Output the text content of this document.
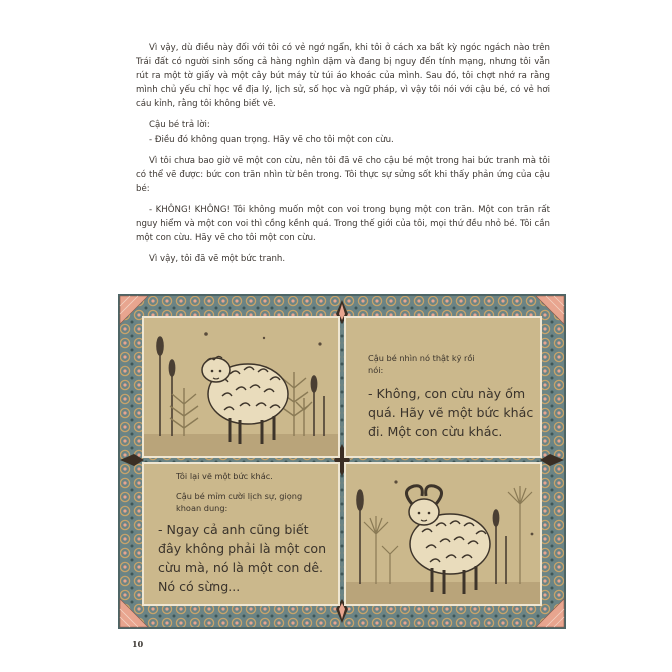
Vì vậy, dù điều này đối với tôi có vẻ ngớ ngẩn, khi tôi ở cách xa bất kỳ ngóc ngách nào trên Trái đất có người sinh sống cả hàng nghìn dặm và đang bị nguy đến tính mạng, nhưng tôi vẫn rút ra một tờ giấy và một cây bút máy từ túi áo khoác của mình. Sau đó, tôi chợt nhớ ra rằng mình chủ yếu chỉ học về địa lý, lịch sử, số học và ngữ pháp, vì vậy tôi nói với cậu bé, có vẻ hơi cáu kỉnh, rằng tôi không biết vẽ.

Cậu bé trả lời:

- Điều đó không quan trọng. Hãy vẽ cho tôi một con cừu.

Vì tôi chưa bao giờ vẽ một con cừu, nên tôi đã vẽ cho cậu bé một trong hai bức tranh mà tôi có thể vẽ được: bức con trăn nhìn từ bên trong. Tôi thực sự sửng sốt khi thấy phản ứng của cậu bé:

- KHÔNG! KHÔNG! Tôi không muốn một con voi trong bụng một con trăn. Một con trăn rất nguy hiểm và một con voi thì cồng kềnh quá. Trong thế giới của tôi, mọi thứ đều nhỏ bé. Tôi cần một con cừu. Hãy vẽ cho tôi một con cừu.

Vì vậy, tôi đã vẽ một bức tranh.

Cậu bé nhìn nó thật kỹ rồi

nói:

- Không, con cừu này ốm

quá. Hãy vẽ một bức khác

đi. Một con cừu khác.

Tôi lại vẽ một bức khác.

Cậu bé mỉm cười lịch sự, giọng

khoan dung:

- Ngay cả anh cũng biết

đây không phải là một con

cừu mà, nó là một con dê.

Nó có sừng...

10
